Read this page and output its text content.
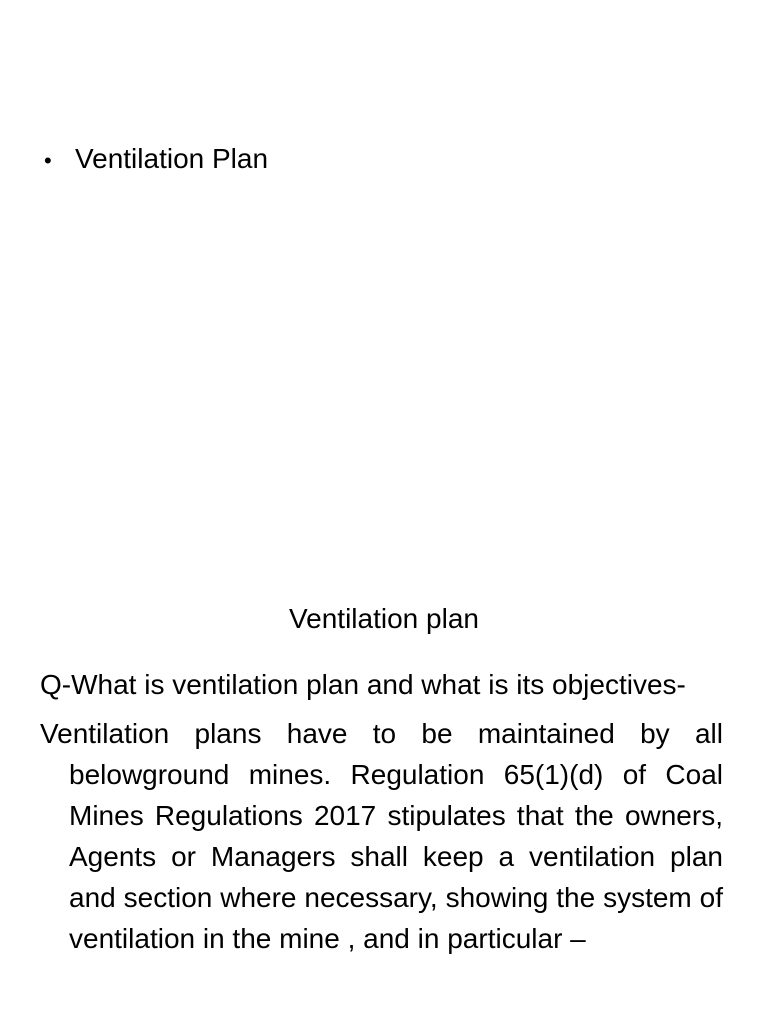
• Ventilation Plan
Ventilation plan

Q-What is ventilation plan and what is its objectives-

Ventilation plans have to be maintained by all belowground mines. Regulation 65(1)(d) of Coal Mines Regulations 2017 stipulates that the owners, Agents or Managers shall keep a ventilation plan and section where necessary, showing the system of ventilation in the mine , and in particular –
